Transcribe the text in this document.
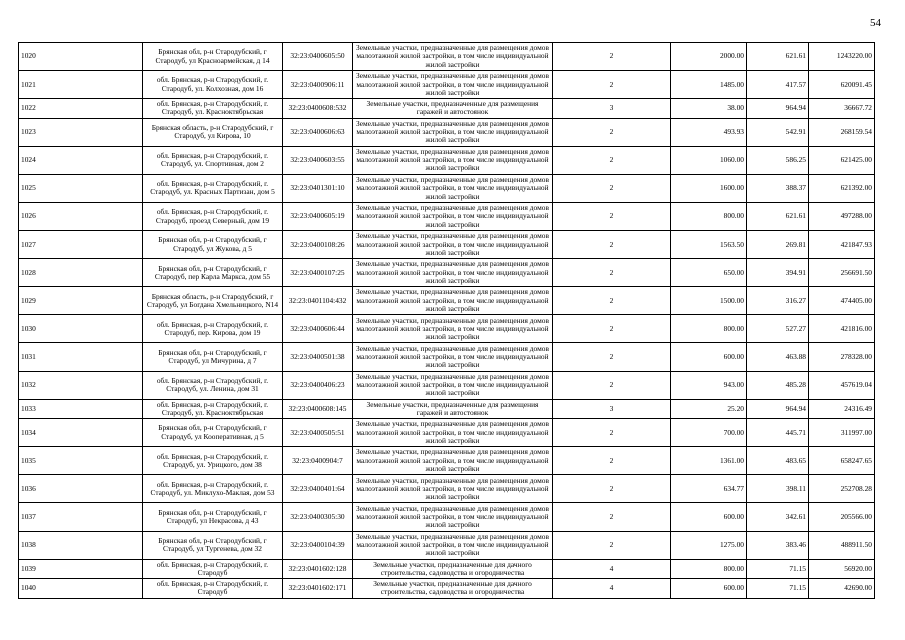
54
1020	Брянская обл, р-н Стародубский, г Стародуб, ул Красноармейская, д 14	32:23:0400605:50	Земельные участки, предназначенные для размещения домов малоэтажной жилой застройки, в том числе индивидуальной жилой застройки	2	2000.00	621.61	1243220.00
1021	обл. Брянская, р-н Стародубский, г. Стародуб, ул. Колхозная, дом 16	32:23:0400906:11	Земельные участки, предназначенные для размещения домов малоэтажной жилой застройки, в том числе индивидуальной жилой застройки	2	1485.00	417.57	620091.45
1022	обл. Брянская, р-н Стародубский, г. Стародуб, ул. Красноктябрьская	32:23:0400608:532	Земельные участки, предназначенные для размещения гаражей и автостоянок	3	38.00	964.94	36667.72
1023	Брянская область, р-н Стародубский, г Стародуб, ул Кирова, 10	32:23:0400606:63	Земельные участки, предназначенные для размещения домов малоэтажной жилой застройки, в том числе индивидуальной жилой застройки	2	493.93	542.91	268159.54
1024	обл. Брянская, р-н Стародубский, г. Стародуб, ул. Спортивная, дом 2	32:23:0400603:55	Земельные участки, предназначенные для размещения домов малоэтажной жилой застройки, в том числе индивидуальной жилой застройки	2	1060.00	586.25	621425.00
1025	обл. Брянская, р-н Стародубский, г. Стародуб, ул. Красных Партизан, дом 5	32:23:0401301:10	Земельные участки, предназначенные для размещения домов малоэтажной жилой застройки, в том числе индивидуальной жилой застройки	2	1600.00	388.37	621392.00
1026	обл. Брянская, р-н Стародубский, г. Стародуб, проезд Северный, дом 19	32:23:0400605:19	Земельные участки, предназначенные для размещения домов малоэтажной жилой застройки, в том числе индивидуальной жилой застройки	2	800.00	621.61	497288.00
1027	Брянская обл, р-н Стародубский, г Стародуб, ул Жукова, д 5	32:23:0400108:26	Земельные участки, предназначенные для размещения домов малоэтажной жилой застройки, в том числе индивидуальной жилой застройки	2	1563.50	269.81	421847.93
1028	Брянская обл, р-н Стародубский, г Стародуб, пер Карла Маркса, дом 55	32:23:0400107:25	Земельные участки, предназначенные для размещения домов малоэтажной жилой застройки, в том числе индивидуальной жилой застройки	2	650.00	394.91	256691.50
1029	Брянская область, р-н Стародубский, г Стародуб, ул Богдана Хмельницкого, N14	32:23:0401104:432	Земельные участки, предназначенные для размещения домов малоэтажной жилой застройки, в том числе индивидуальной жилой застройки	2	1500.00	316.27	474405.00
1030	обл. Брянская, р-н Стародубский, г. Стародуб, пер. Кирова, дом 19	32:23:0400606:44	Земельные участки, предназначенные для размещения домов малоэтажной жилой застройки, в том числе индивидуальной жилой застройки	2	800.00	527.27	421816.00
1031	Брянская обл, р-н Стародубский, г Стародуб, ул Мичурина, д 7	32:23:0400501:38	Земельные участки, предназначенные для размещения домов малоэтажной жилой застройки, в том числе индивидуальной жилой застройки	2	600.00	463.88	278328.00
1032	обл. Брянская, р-н Стародубский, г. Стародуб, ул. Ленина, дом 31	32:23:0400406:23	Земельные участки, предназначенные для размещения домов малоэтажной жилой застройки, в том числе индивидуальной жилой застройки	2	943.00	485.28	457619.04
1033	обл. Брянская, р-н Стародубский, г. Стародуб, ул. Красноктябрьская	32:23:0400608:145	Земельные участки, предназначенные для размещения гаражей и автостоянок	3	25.20	964.94	24316.49
1034	Брянская обл, р-н Стародубский, г Стародуб, ул Кооперативная, д 5	32:23:0400505:51	Земельные участки, предназначенные для размещения домов малоэтажной жилой застройки, в том числе индивидуальной жилой застройки	2	700.00	445.71	311997.00
1035	обл. Брянская, р-н Стародубский, г. Стародуб, ул. Урицкого, дом 38	32:23:0400904:7	Земельные участки, предназначенные для размещения домов малоэтажной жилой застройки, в том числе индивидуальной жилой застройки	2	1361.00	483.65	658247.65
1036	обл. Брянская, р-н Стародубский, г. Стародуб, ул. Миклухо-Маклая, дом 53	32:23:0400401:64	Земельные участки, предназначенные для размещения домов малоэтажной жилой застройки, в том числе индивидуальной жилой застройки	2	634.77	398.11	252708.28
1037	Брянская обл, р-н Стародубский, г Стародуб, ул Некрасова, д 43	32:23:0400305:30	Земельные участки, предназначенные для размещения домов малоэтажной жилой застройки, в том числе индивидуальной жилой застройки	2	600.00	342.61	205566.00
1038	Брянская обл, р-н Стародубский, г Стародуб, ул Тургенева, дом 32	32:23:0400104:39	Земельные участки, предназначенные для размещения домов малоэтажной жилой застройки, в том числе индивидуальной жилой застройки	2	1275.00	383.46	488911.50
1039	обл. Брянская, р-н Стародубский, г. Стародуб	32:23:0401602:128	Земельные участки, предназначенные для дачного строительства, садоводства и огородничества	4	800.00	71.15	56920.00
1040	обл. Брянская, р-н Стародубский, г. Стародуб	32:23:0401602:171	Земельные участки, предназначенные для дачного строительства, садоводства и огородничества	4	600.00	71.15	42690.00
